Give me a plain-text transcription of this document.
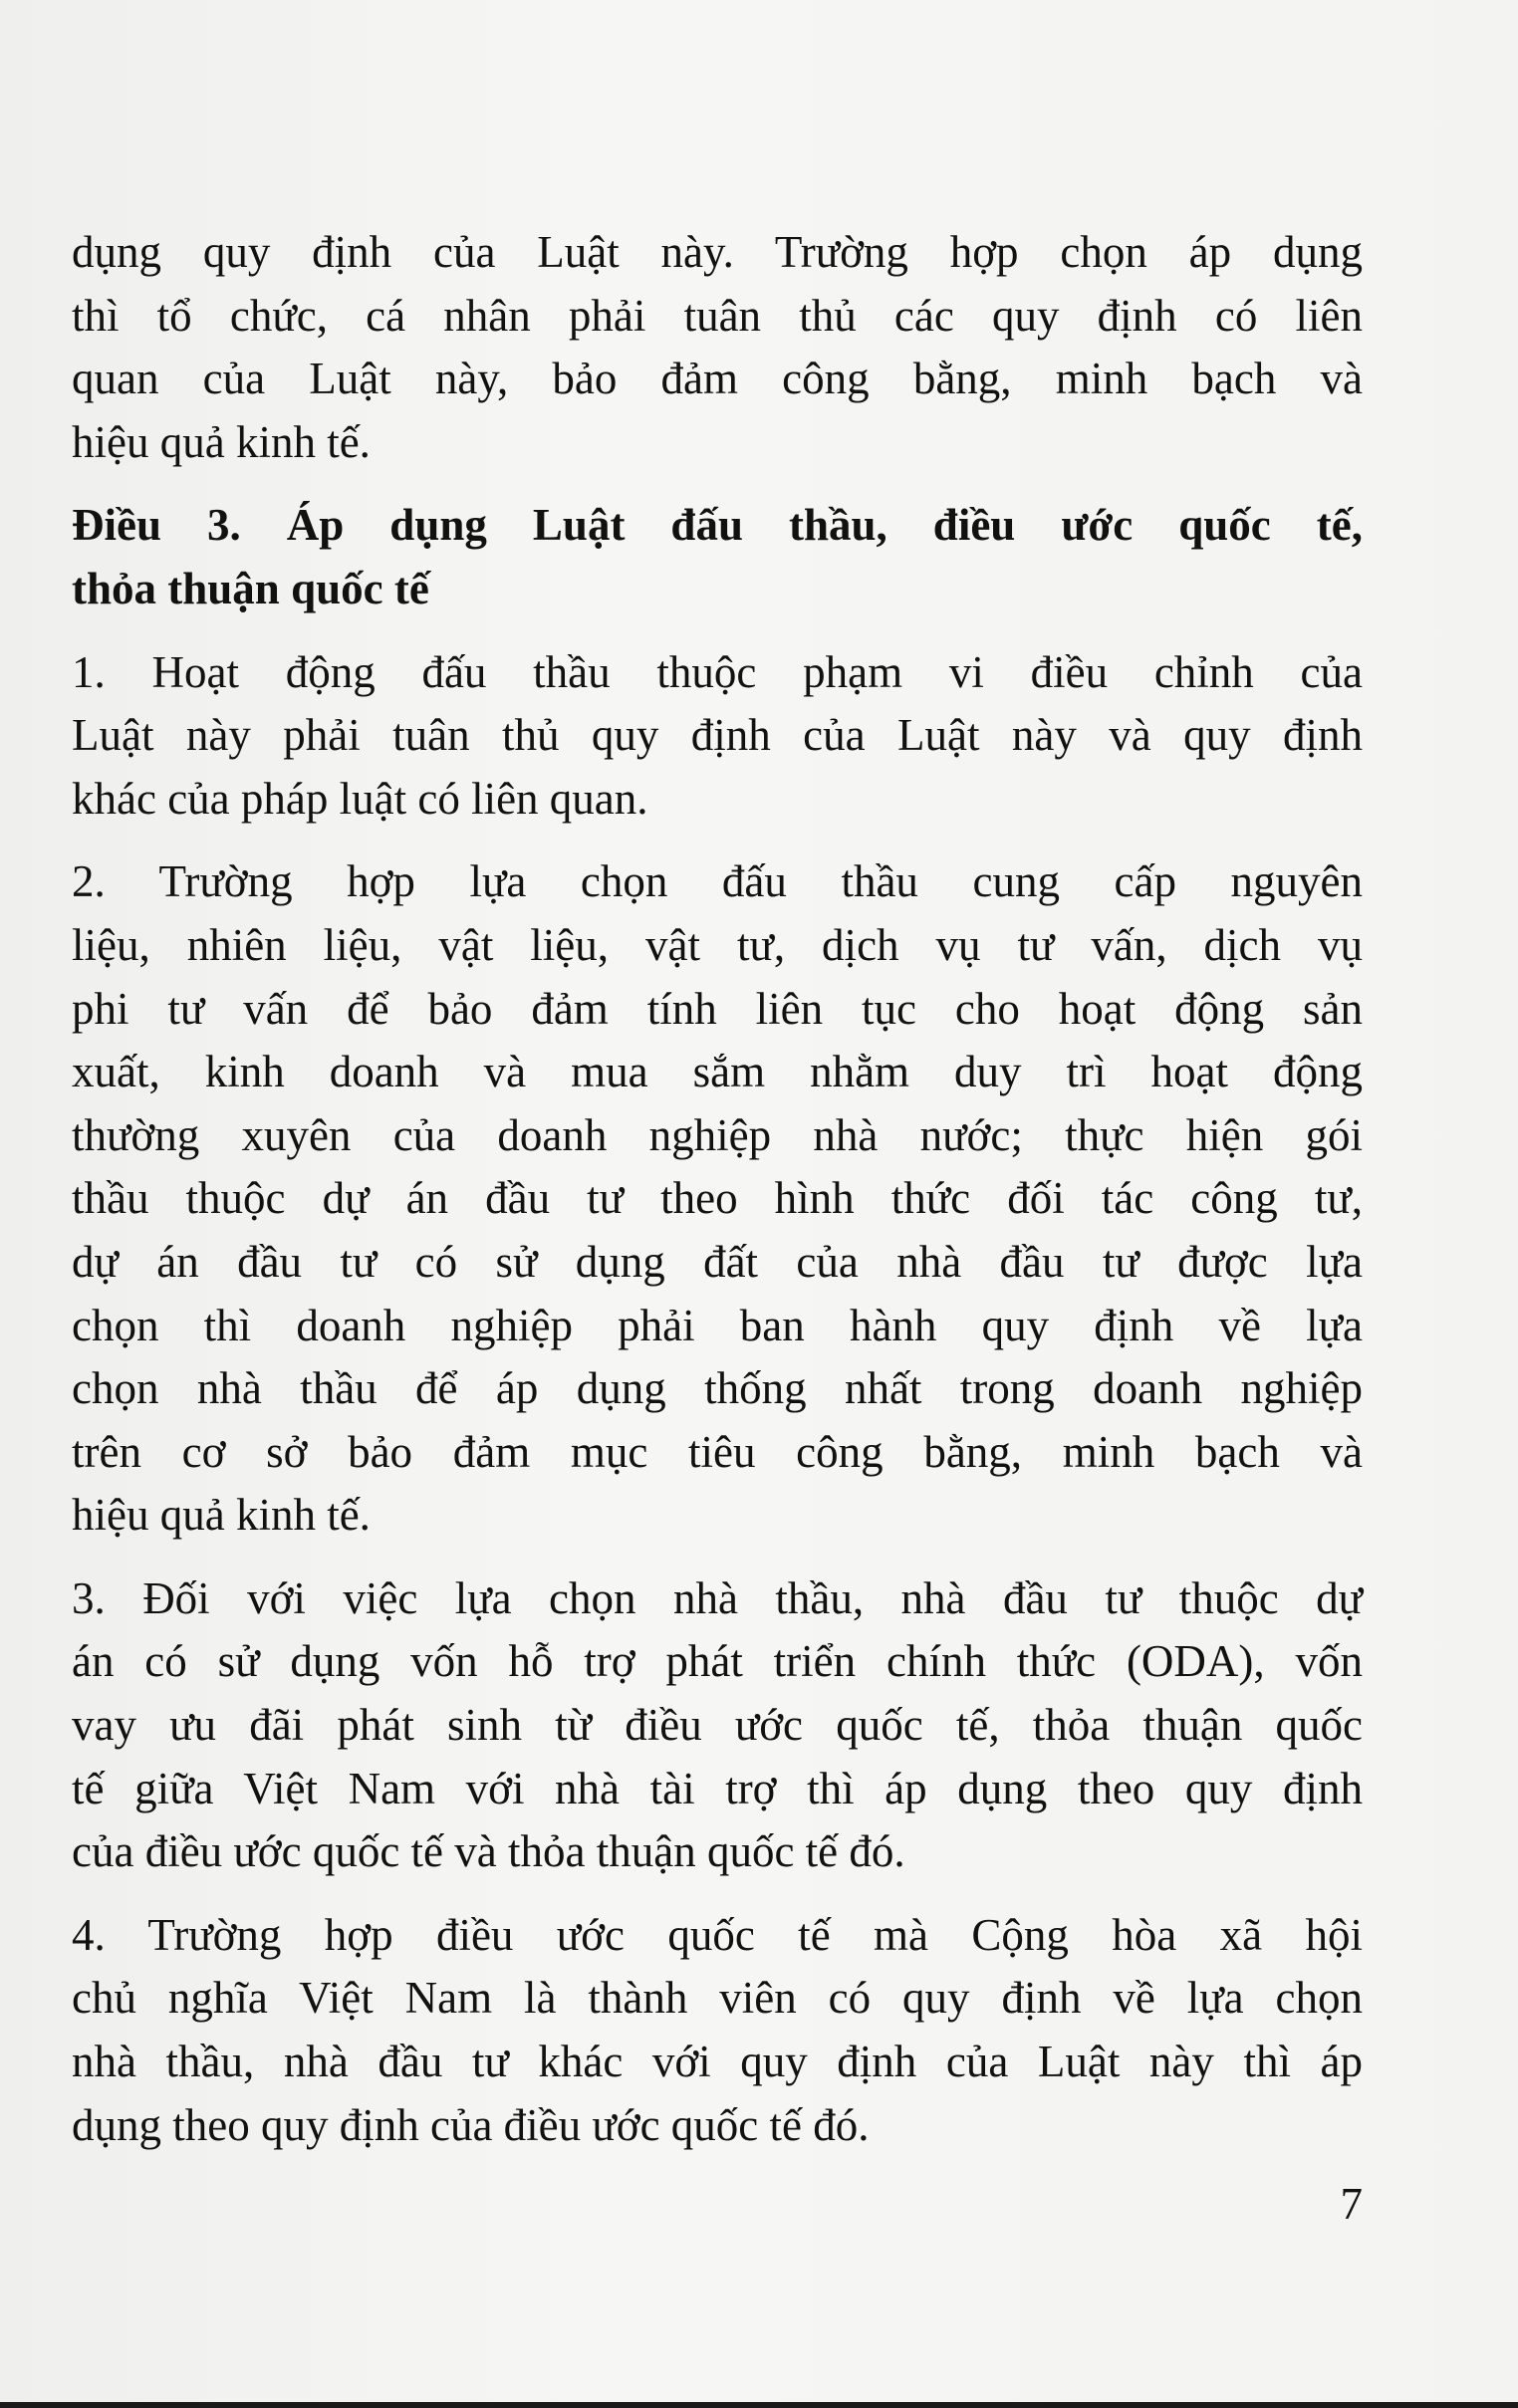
dụng quy định của Luật này. Trường hợp chọn áp dụng
thì tổ chức, cá nhân phải tuân thủ các quy định có liên
quan của Luật này, bảo đảm công bằng, minh bạch và
hiệu quả kinh tế.
Điều 3. Áp dụng Luật đấu thầu, điều ước quốc tế,
thỏa thuận quốc tế
1. Hoạt động đấu thầu thuộc phạm vi điều chỉnh của
Luật này phải tuân thủ quy định của Luật này và quy định
khác của pháp luật có liên quan.
2. Trường hợp lựa chọn đấu thầu cung cấp nguyên
liệu, nhiên liệu, vật liệu, vật tư, dịch vụ tư vấn, dịch vụ
phi tư vấn để bảo đảm tính liên tục cho hoạt động sản
xuất, kinh doanh và mua sắm nhằm duy trì hoạt động
thường xuyên của doanh nghiệp nhà nước; thực hiện gói
thầu thuộc dự án đầu tư theo hình thức đối tác công tư,
dự án đầu tư có sử dụng đất của nhà đầu tư được lựa
chọn thì doanh nghiệp phải ban hành quy định về lựa
chọn nhà thầu để áp dụng thống nhất trong doanh nghiệp
trên cơ sở bảo đảm mục tiêu công bằng, minh bạch và
hiệu quả kinh tế.
3. Đối với việc lựa chọn nhà thầu, nhà đầu tư thuộc dự
án có sử dụng vốn hỗ trợ phát triển chính thức (ODA), vốn
vay ưu đãi phát sinh từ điều ước quốc tế, thỏa thuận quốc
tế giữa Việt Nam với nhà tài trợ thì áp dụng theo quy định
của điều ước quốc tế và thỏa thuận quốc tế đó.
4. Trường hợp điều ước quốc tế mà Cộng hòa xã hội
chủ nghĩa Việt Nam là thành viên có quy định về lựa chọn
nhà thầu, nhà đầu tư khác với quy định của Luật này thì áp
dụng theo quy định của điều ước quốc tế đó.
7
